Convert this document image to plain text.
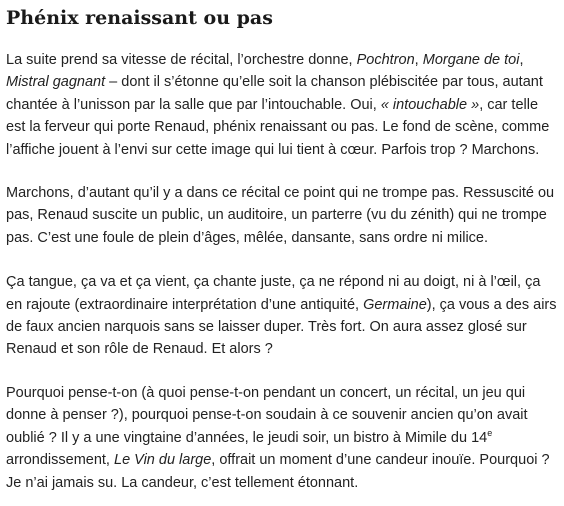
Phénix renaissant ou pas

La suite prend sa vitesse de récital, l’orchestre donne, Pochtron, Morgane de toi, Mistral gagnant – dont il s’étonne qu’elle soit la chanson plébiscitée par tous, autant chantée à l’unisson par la salle que par l’intouchable. Oui, « intouchable », car telle est la ferveur qui porte Renaud, phénix renaissant ou pas. Le fond de scène, comme l’affiche jouent à l’envi sur cette image qui lui tient à cœur. Parfois trop ? Marchons.

Marchons, d’autant qu’il y a dans ce récital ce point qui ne trompe pas. Ressuscité ou pas, Renaud suscite un public, un auditoire, un parterre (vu du zénith) qui ne trompe pas. C’est une foule de plein d’âges, mêlée, dansante, sans ordre ni milice.

Ça tangue, ça va et ça vient, ça chante juste, ça ne répond ni au doigt, ni à l’œil, ça en rajoute (extraordinaire interprétation d’une antiquité, Germaine), ça vous a des airs de faux ancien narquois sans se laisser duper. Très fort. On aura assez glosé sur Renaud et son rôle de Renaud. Et alors ?

Pourquoi pense-t-on (à quoi pense-t-on pendant un concert, un récital, un jeu qui donne à penser ?), pourquoi pense-t-on soudain à ce souvenir ancien qu’on avait oublié ? Il y a une vingtaine d’années, le jeudi soir, un bistro à Mimile du 14e arrondissement, Le Vin du large, offrait un moment d’une candeur inouïe. Pourquoi ? Je n’ai jamais su. La candeur, c’est tellement étonnant.
